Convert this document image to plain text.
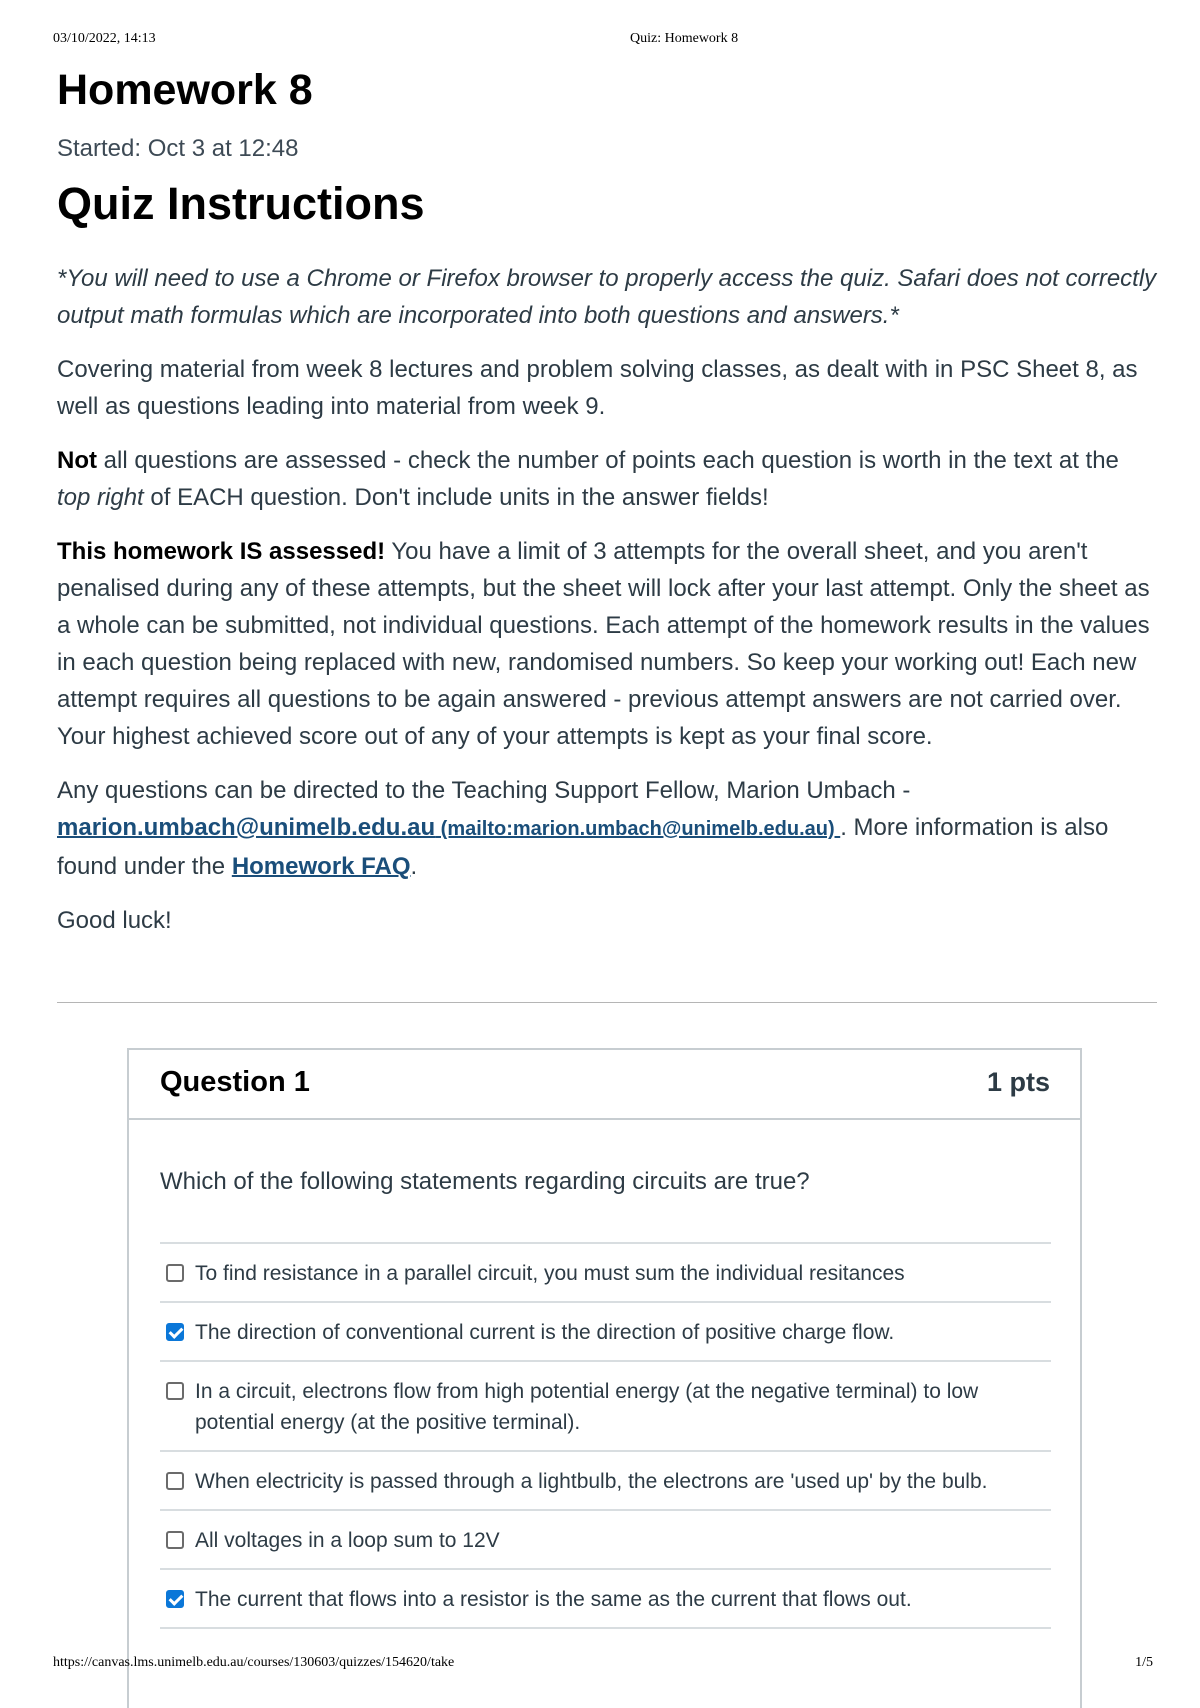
03/10/2022, 14:13	Quiz: Homework 8
Homework 8
Started: Oct 3 at 12:48
Quiz Instructions

*You will need to use a Chrome or Firefox browser to properly access the quiz. Safari does not correctly output math formulas which are incorporated into both questions and answers.*

Covering material from week 8 lectures and problem solving classes, as dealt with in PSC Sheet 8, as well as questions leading into material from week 9.

Not all questions are assessed - check the number of points each question is worth in the text at the top right of EACH question. Don't include units in the answer fields!

This homework IS assessed! You have a limit of 3 attempts for the overall sheet, and you aren't penalised during any of these attempts, but the sheet will lock after your last attempt. Only the sheet as a whole can be submitted, not individual questions. Each attempt of the homework results in the values in each question being replaced with new, randomised numbers. So keep your working out! Each new attempt requires all questions to be again answered - previous attempt answers are not carried over. Your highest achieved score out of any of your attempts is kept as your final score.

Any questions can be directed to the Teaching Support Fellow, Marion Umbach - marion.umbach@unimelb.edu.au (mailto:marion.umbach@unimelb.edu.au) . More information is also found under the Homework FAQ.

Good luck!

Question 1	1 pts

Which of the following statements regarding circuits are true?

To find resistance in a parallel circuit, you must sum the individual resitances
The direction of conventional current is the direction of positive charge flow.
In a circuit, electrons flow from high potential energy (at the negative terminal) to low potential energy (at the positive terminal).
When electricity is passed through a lightbulb, the electrons are 'used up' by the bulb.
All voltages in a loop sum to 12V
The current that flows into a resistor is the same as the current that flows out.
https://canvas.lms.unimelb.edu.au/courses/130603/quizzes/154620/take	1/5
